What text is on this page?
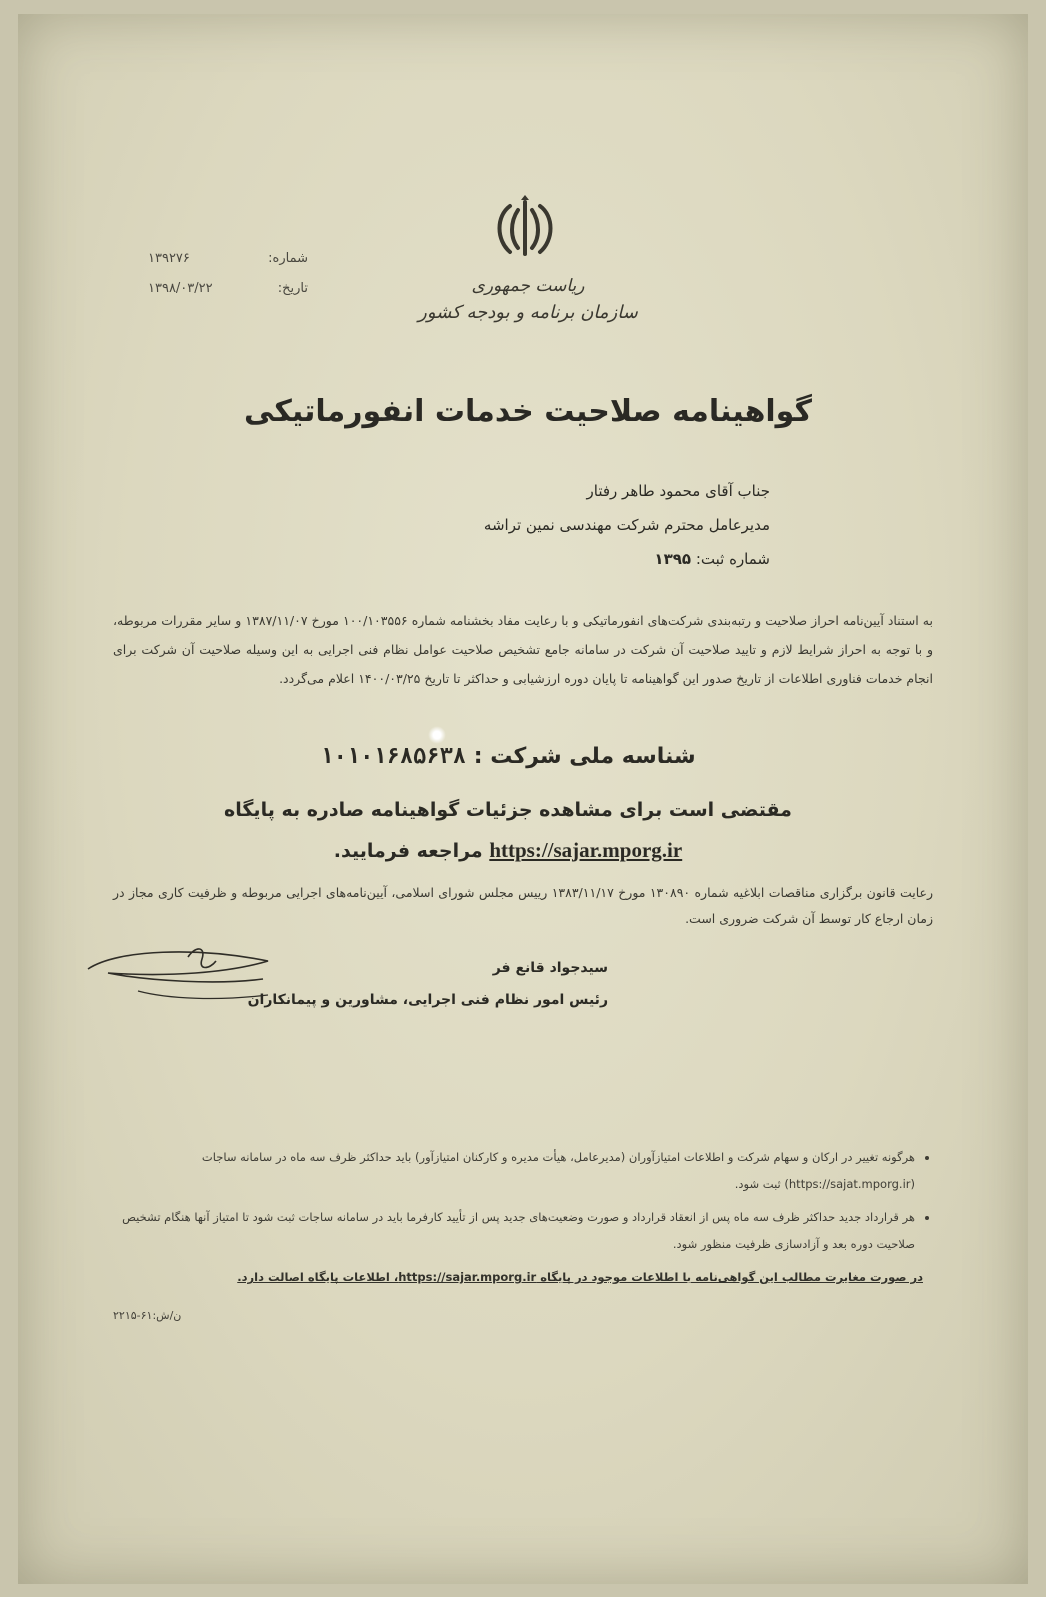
شماره:
۱۳۹۲۷۶
تاریخ:
۱۳۹۸/۰۳/۲۲	ریاست جمهوری
سازمان برنامه و بودجه کشور
گواهینامه صلاحیت خدمات انفورماتیکی
جناب آقای محمود طاهر رفتار
مدیرعامل محترم شرکت مهندسی نمین تراشه
شماره ثبت: ۱۳۹۵
به استناد آیین‌نامه احراز صلاحیت و رتبه‌بندی شرکت‌های انفورماتیکی و با رعایت مفاد بخشنامه شماره ۱۰۰/۱۰۳۵۵۶ مورخ ۱۳۸۷/۱۱/۰۷ و سایر مقررات مربوطه، و با توجه به احراز شرایط لازم و تایید صلاحیت آن شرکت در سامانه جامع تشخیص صلاحیت عوامل نظام فنی اجرایی به این وسیله صلاحیت آن شرکت برای انجام خدمات فناوری اطلاعات از تاریخ صدور این گواهینامه تا پایان دوره ارزشیابی و حداکثر تا تاریخ ۱۴۰۰/۰۳/۲۵ اعلام می‌گردد.
شناسه ملی شرکت : ۱۰۱۰۱۶۸۵۶۳۸
مقتضی است برای مشاهده جزئیات گواهینامه صادره به پایگاه
https://sajar.mporg.ir مراجعه فرمایید.
رعایت قانون برگزاری مناقصات ابلاغیه شماره ۱۳۰۸۹۰ مورخ ۱۳۸۳/۱۱/۱۷ رییس مجلس شورای اسلامی، آیین‌نامه‌های اجرایی مربوطه و ظرفیت کاری مجاز در زمان ارجاع کار توسط آن شرکت ضروری است.
سیدجواد قانع فر
رئیس امور نظام فنی اجرایی، مشاورین و پیمانکاران
• هرگونه تغییر در ارکان و سهام شرکت و اطلاعات امتیازآوران (مدیرعامل، هیأت مدیره و کارکنان امتیازآور) باید حداکثر ظرف سه ماه در سامانه ساجات (https://sajat.mporg.ir) ثبت شود.
• هر قرارداد جدید حداکثر ظرف سه ماه پس از انعقاد قرارداد و صورت وضعیت‌های جدید پس از تأیید کارفرما باید در سامانه ساجات ثبت شود تا امتیاز آنها هنگام تشخیص صلاحیت دوره بعد و آزادسازی ظرفیت منظور شود.
در صورت مغایرت مطالب این گواهی‌نامه با اطلاعات موجود در پایگاه https://sajar.mporg.ir، اطلاعات پایگاه اصالت دارد.
ن/ش:۶۱-۲۲۱۵
